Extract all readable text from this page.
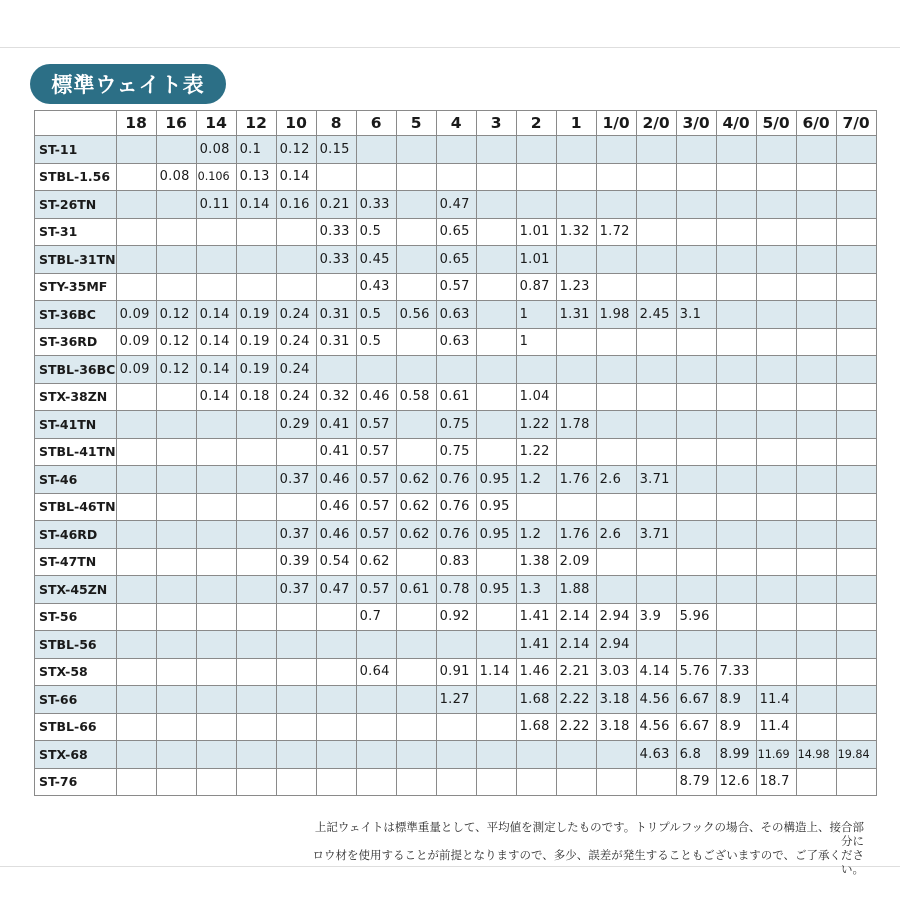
標準ウェイト表
	18	16	14	12	10	8	6	5	4	3	2	1	1/0	2/0	3/0	4/0	5/0	6/0	7/0
ST-11			0.08	0.1	0.12	0.15													
STBL-1.56		0.08	0.106	0.13	0.14														
ST-26TN			0.11	0.14	0.16	0.21	0.33		0.47										
ST-31						0.33	0.5		0.65		1.01	1.32	1.72						
STBL-31TN						0.33	0.45		0.65		1.01								
STY-35MF							0.43		0.57		0.87	1.23							
ST-36BC	0.09	0.12	0.14	0.19	0.24	0.31	0.5	0.56	0.63		1	1.31	1.98	2.45	3.1				
ST-36RD	0.09	0.12	0.14	0.19	0.24	0.31	0.5		0.63		1								
STBL-36BC	0.09	0.12	0.14	0.19	0.24														
STX-38ZN			0.14	0.18	0.24	0.32	0.46	0.58	0.61		1.04								
ST-41TN					0.29	0.41	0.57		0.75		1.22	1.78							
STBL-41TN						0.41	0.57		0.75		1.22								
ST-46					0.37	0.46	0.57	0.62	0.76	0.95	1.2	1.76	2.6	3.71					
STBL-46TN						0.46	0.57	0.62	0.76	0.95									
ST-46RD					0.37	0.46	0.57	0.62	0.76	0.95	1.2	1.76	2.6	3.71					
ST-47TN					0.39	0.54	0.62		0.83		1.38	2.09							
STX-45ZN					0.37	0.47	0.57	0.61	0.78	0.95	1.3	1.88							
ST-56							0.7		0.92		1.41	2.14	2.94	3.9	5.96				
STBL-56											1.41	2.14	2.94						
STX-58							0.64		0.91	1.14	1.46	2.21	3.03	4.14	5.76	7.33			
ST-66									1.27		1.68	2.22	3.18	4.56	6.67	8.9	11.4		
STBL-66											1.68	2.22	3.18	4.56	6.67	8.9	11.4		
STX-68														4.63	6.8	8.99	11.69	14.98	19.84
ST-76															8.79	12.6	18.7		
上記ウェイトは標準重量として、平均値を測定したものです。トリプルフックの場合、その構造上、接合部分に
ロウ材を使用することが前提となりますので、多少、誤差が発生することもございますので、ご了承ください。
